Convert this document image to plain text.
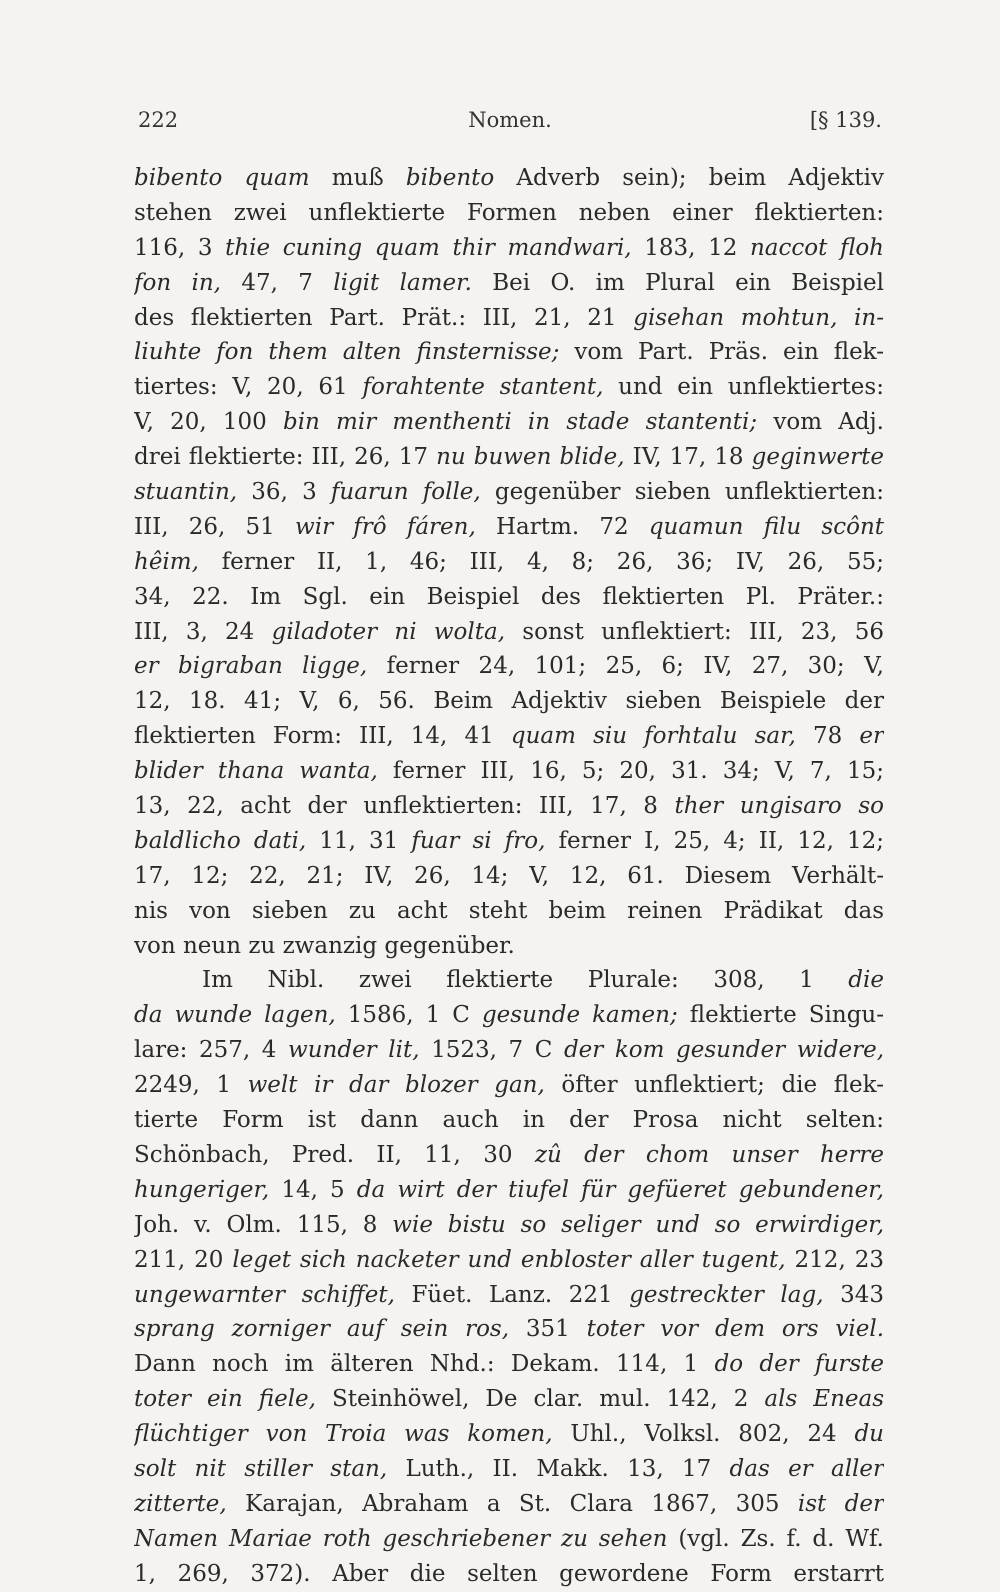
222	Nomen.	[§ 139.
bibento quam muß bibento Adverb sein); beim Adjektiv
stehen zwei unflektierte Formen neben einer flektierten:
116, 3 thie cuning quam thir mandwari, 183, 12 naccot floh
fon in, 47, 7 ligit lamer. Bei O. im Plural ein Beispiel
des flektierten Part. Prät.: III, 21, 21 gisehan mohtun, in-
liuhte fon them alten finsternisse; vom Part. Präs. ein flek-
tiertes: V, 20, 61 forahtente stantent, und ein unflektiertes:
V, 20, 100 bin mir menthenti in stade stantenti; vom Adj.
drei flektierte: III, 26, 17 nu buwen blide, IV, 17, 18 geginwerte
stuantin, 36, 3 fuarun folle, gegenüber sieben unflektierten:
III, 26, 51 wir frô fáren, Hartm. 72 quamun filu scônt
hêim, ferner II, 1, 46; III, 4, 8; 26, 36; IV, 26, 55;
34, 22. Im Sgl. ein Beispiel des flektierten Pl. Präter.:
III, 3, 24 giladoter ni wolta, sonst unflektiert: III, 23, 56
er bigraban ligge, ferner 24, 101; 25, 6; IV, 27, 30; V,
12, 18. 41; V, 6, 56. Beim Adjektiv sieben Beispiele der
flektierten Form: III, 14, 41 quam siu forhtalu sar, 78 er
blider thana wanta, ferner III, 16, 5; 20, 31. 34; V, 7, 15;
13, 22, acht der unflektierten: III, 17, 8 ther ungisaro so
baldlicho dati, 11, 31 fuar si fro, ferner I, 25, 4; II, 12, 12;
17, 12; 22, 21; IV, 26, 14; V, 12, 61. Diesem Verhält-
nis von sieben zu acht steht beim reinen Prädikat das
von neun zu zwanzig gegenüber.
Im Nibl. zwei flektierte Plurale: 308, 1 die
da wunde lagen, 1586, 1 C gesunde kamen; flektierte Singu-
lare: 257, 4 wunder lit, 1523, 7 C der kom gesunder widere,
2249, 1 welt ir dar blozer gan, öfter unflektiert; die flek-
tierte Form ist dann auch in der Prosa nicht selten:
Schönbach, Pred. II, 11, 30 zû der chom unser herre
hungeriger, 14, 5 da wirt der tiufel für gefüeret gebundener,
Joh. v. Olm. 115, 8 wie bistu so seliger und so erwirdiger,
211, 20 leget sich nacketer und enbloster aller tugent, 212, 23
ungewarnter schiffet, Füet. Lanz. 221 gestreckter lag, 343
sprang zorniger auf sein ros, 351 toter vor dem ors viel.
Dann noch im älteren Nhd.: Dekam. 114, 1 do der furste
toter ein fiele, Steinhöwel, De clar. mul. 142, 2 als Eneas
flüchtiger von Troia was komen, Uhl., Volksl. 802, 24 du
solt nit stiller stan, Luth., II. Makk. 13, 17 das er aller
zitterte, Karajan, Abraham a St. Clara 1867, 305 ist der
Namen Mariae roth geschriebener zu sehen (vgl. Zs. f. d. Wf.
1, 269, 372). Aber die selten gewordene Form erstarrt
